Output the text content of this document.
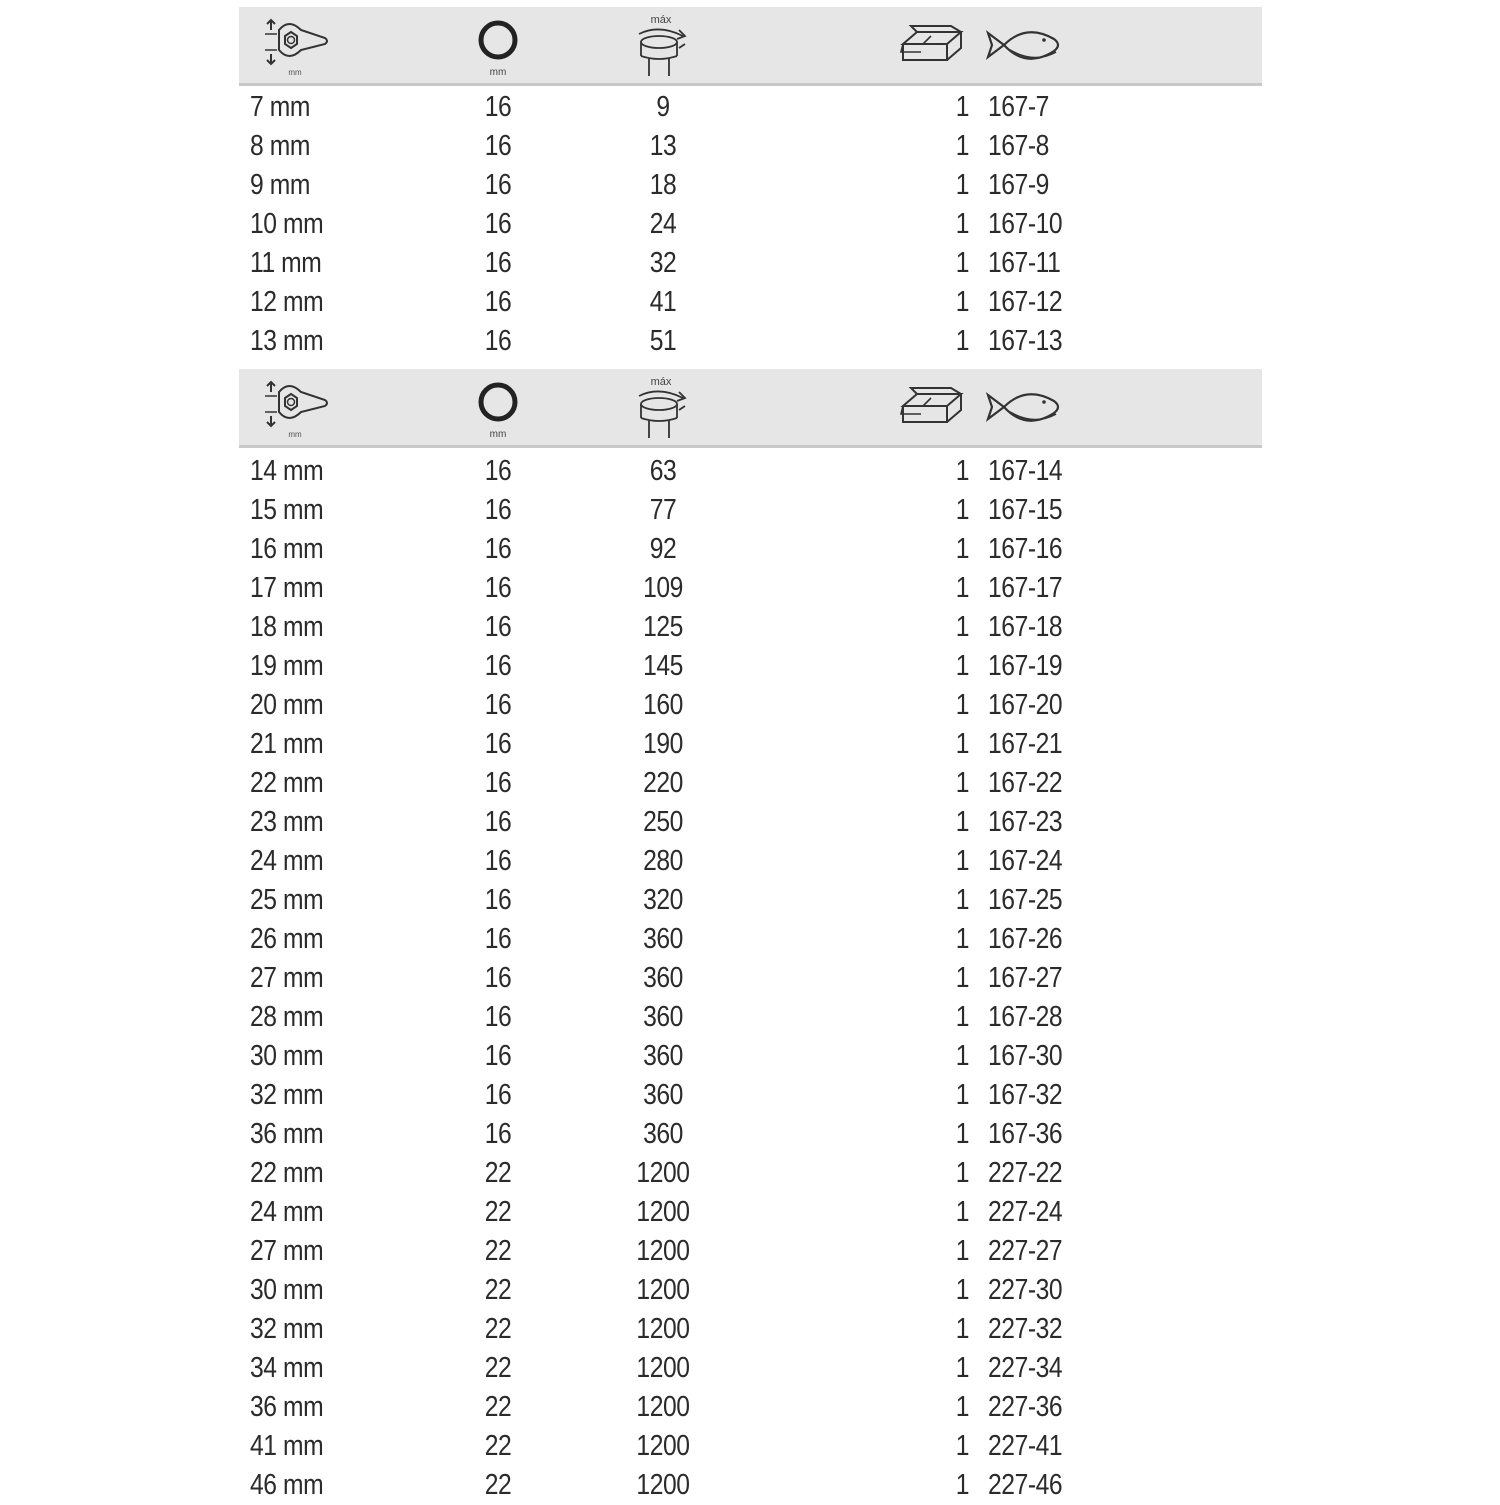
mm	mm
máx
7 mm	16	9	1 167-7
8 mm	16	13	1 167-8
9 mm	16	18	1 167-9
10 mm	16	24	1 167-10
11 mm	16	32	1 167-11
12 mm	16	41	1 167-12
13 mm	16	51	1 167-13
mm	mm
máx
14 mm	16	63	1 167-14
15 mm	16	77	1 167-15
16 mm	16	92	1 167-16
17 mm	16	109	1 167-17
18 mm	16	125	1 167-18
19 mm	16	145	1 167-19
20 mm	16	160	1 167-20
21 mm	16	190	1 167-21
22 mm	16	220	1 167-22
23 mm	16	250	1 167-23
24 mm	16	280	1 167-24
25 mm	16	320	1 167-25
26 mm	16	360	1 167-26
27 mm	16	360	1 167-27
28 mm	16	360	1 167-28
30 mm	16	360	1 167-30
32 mm	16	360	1 167-32
36 mm	16	360	1 167-36
22 mm	22	1200	1 227-22
24 mm	22	1200	1 227-24
27 mm	22	1200	1 227-27
30 mm	22	1200	1 227-30
32 mm	22	1200	1 227-32
34 mm	22	1200	1 227-34
36 mm	22	1200	1 227-36
41 mm	22	1200	1 227-41
46 mm	22	1200	1 227-46
